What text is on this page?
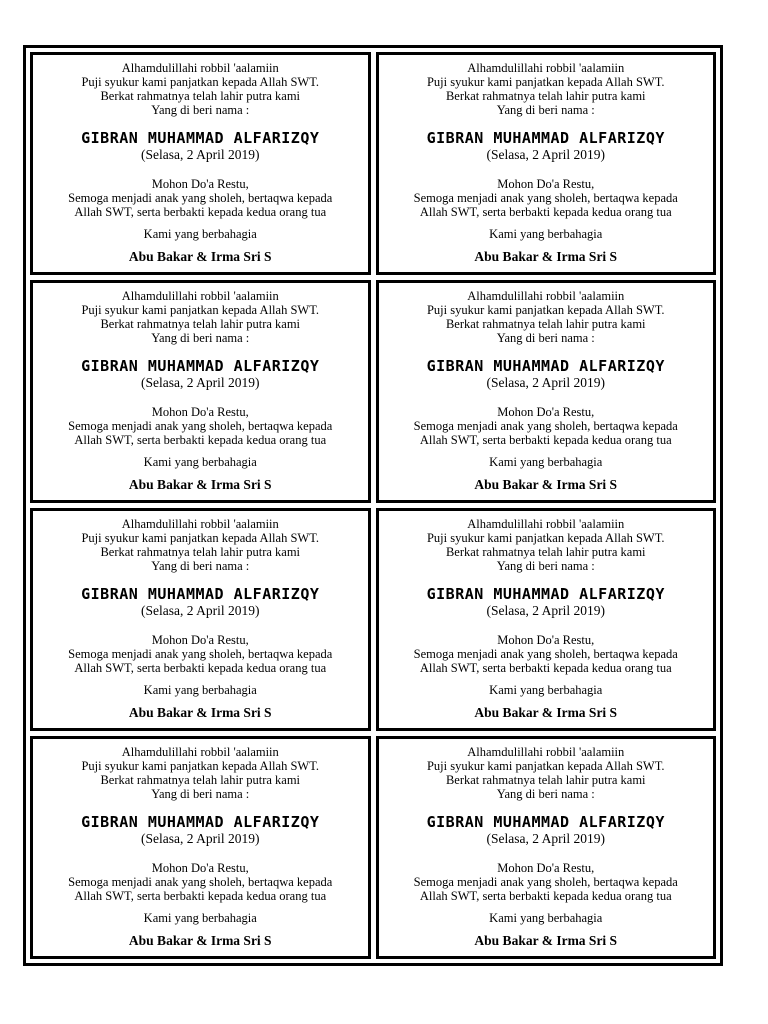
Alhamdulillahi robbil 'aalamiin
Puji syukur kami panjatkan kepada Allah SWT.
Berkat rahmatnya telah lahir putra kami
Yang di beri nama :
GIBRAN MUHAMMAD ALFARIZQY
(Selasa, 2 April 2019)
Mohon Do'a Restu,
Semoga menjadi anak yang sholeh, bertaqwa kepada
Allah SWT, serta berbakti kepada kedua orang tua
Kami yang berbahagia
Abu Bakar & Irma Sri S
Alhamdulillahi robbil 'aalamiin
Puji syukur kami panjatkan kepada Allah SWT.
Berkat rahmatnya telah lahir putra kami
Yang di beri nama :
GIBRAN MUHAMMAD ALFARIZQY
(Selasa, 2 April 2019)
Mohon Do'a Restu,
Semoga menjadi anak yang sholeh, bertaqwa kepada
Allah SWT, serta berbakti kepada kedua orang tua
Kami yang berbahagia
Abu Bakar & Irma Sri S
Alhamdulillahi robbil 'aalamiin
Puji syukur kami panjatkan kepada Allah SWT.
Berkat rahmatnya telah lahir putra kami
Yang di beri nama :
GIBRAN MUHAMMAD ALFARIZQY
(Selasa, 2 April 2019)
Mohon Do'a Restu,
Semoga menjadi anak yang sholeh, bertaqwa kepada
Allah SWT, serta berbakti kepada kedua orang tua
Kami yang berbahagia
Abu Bakar & Irma Sri S
Alhamdulillahi robbil 'aalamiin
Puji syukur kami panjatkan kepada Allah SWT.
Berkat rahmatnya telah lahir putra kami
Yang di beri nama :
GIBRAN MUHAMMAD ALFARIZQY
(Selasa, 2 April 2019)
Mohon Do'a Restu,
Semoga menjadi anak yang sholeh, bertaqwa kepada
Allah SWT, serta berbakti kepada kedua orang tua
Kami yang berbahagia
Abu Bakar & Irma Sri S
Alhamdulillahi robbil 'aalamiin
Puji syukur kami panjatkan kepada Allah SWT.
Berkat rahmatnya telah lahir putra kami
Yang di beri nama :
GIBRAN MUHAMMAD ALFARIZQY
(Selasa, 2 April 2019)
Mohon Do'a Restu,
Semoga menjadi anak yang sholeh, bertaqwa kepada
Allah SWT, serta berbakti kepada kedua orang tua
Kami yang berbahagia
Abu Bakar & Irma Sri S
Alhamdulillahi robbil 'aalamiin
Puji syukur kami panjatkan kepada Allah SWT.
Berkat rahmatnya telah lahir putra kami
Yang di beri nama :
GIBRAN MUHAMMAD ALFARIZQY
(Selasa, 2 April 2019)
Mohon Do'a Restu,
Semoga menjadi anak yang sholeh, bertaqwa kepada
Allah SWT, serta berbakti kepada kedua orang tua
Kami yang berbahagia
Abu Bakar & Irma Sri S
Alhamdulillahi robbil 'aalamiin
Puji syukur kami panjatkan kepada Allah SWT.
Berkat rahmatnya telah lahir putra kami
Yang di beri nama :
GIBRAN MUHAMMAD ALFARIZQY
(Selasa, 2 April 2019)
Mohon Do'a Restu,
Semoga menjadi anak yang sholeh, bertaqwa kepada
Allah SWT, serta berbakti kepada kedua orang tua
Kami yang berbahagia
Abu Bakar & Irma Sri S
Alhamdulillahi robbil 'aalamiin
Puji syukur kami panjatkan kepada Allah SWT.
Berkat rahmatnya telah lahir putra kami
Yang di beri nama :
GIBRAN MUHAMMAD ALFARIZQY
(Selasa, 2 April 2019)
Mohon Do'a Restu,
Semoga menjadi anak yang sholeh, bertaqwa kepada
Allah SWT, serta berbakti kepada kedua orang tua
Kami yang berbahagia
Abu Bakar & Irma Sri S
